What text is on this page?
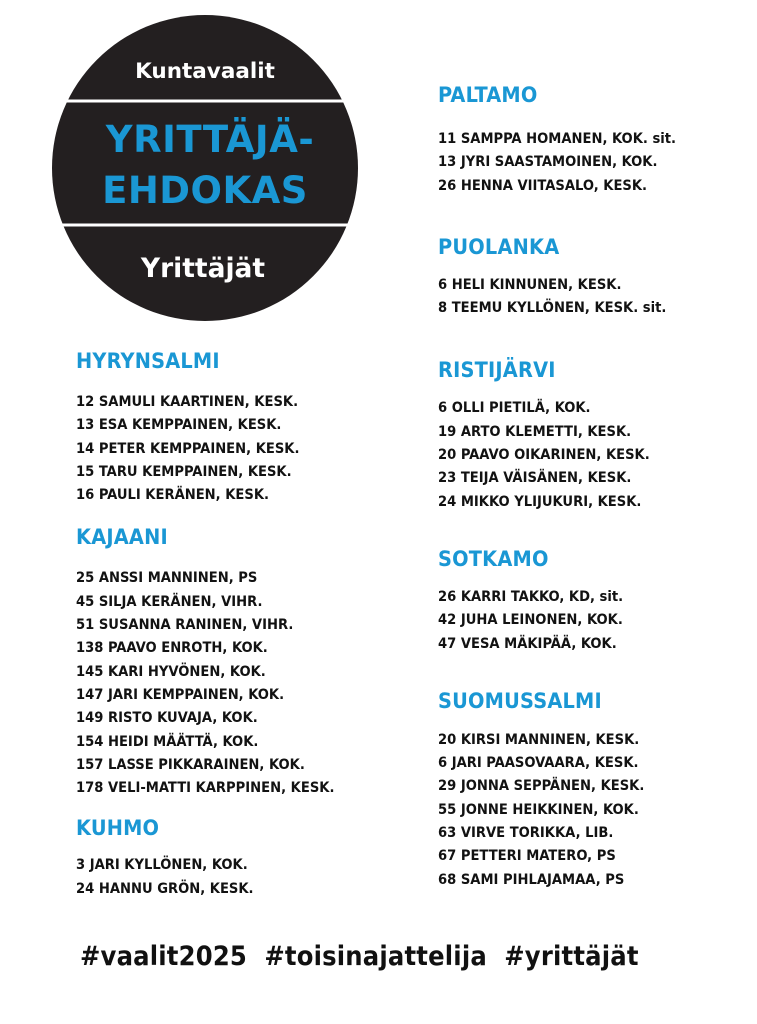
Kuntavaalit
YRITTÄJÄ-
EHDOKAS
Yrittäjät
HYRYNSALMI
12 SAMULI KAARTINEN, KESK.
13 ESA KEMPPAINEN, KESK.
14 PETER KEMPPAINEN, KESK.
15 TARU KEMPPAINEN, KESK.
16 PAULI KERÄNEN, KESK.
KAJAANI
25 ANSSI MANNINEN, PS
45 SILJA KERÄNEN, VIHR.
51 SUSANNA RANINEN, VIHR.
138 PAAVO ENROTH, KOK.
145 KARI HYVÖNEN, KOK.
147 JARI KEMPPAINEN, KOK.
149 RISTO KUVAJA, KOK.
154 HEIDI MÄÄTTÄ, KOK.
157 LASSE PIKKARAINEN, KOK.
178 VELI-MATTI KARPPINEN, KESK.
KUHMO
3 JARI KYLLÖNEN, KOK.
24 HANNU GRÖN, KESK.
PALTAMO
11 SAMPPA HOMANEN, KOK. sit.
13 JYRI SAASTAMOINEN, KOK.
26 HENNA VIITASALO, KESK.
PUOLANKA
6 HELI KINNUNEN, KESK.
8 TEEMU KYLLÖNEN, KESK. sit.
RISTIJÄRVI
6 OLLI PIETILÄ, KOK.
19 ARTO KLEMETTI, KESK.
20 PAAVO OIKARINEN, KESK.
23 TEIJA VÄISÄNEN, KESK.
24 MIKKO YLIJUKURI, KESK.
SOTKAMO
26 KARRI TAKKO, KD, sit.
42 JUHA LEINONEN, KOK.
47 VESA MÄKIPÄÄ, KOK.
SUOMUSSALMI
20 KIRSI MANNINEN, KESK.
6 JARI PAASOVAARA, KESK.
29 JONNA SEPPÄNEN, KESK.
55 JONNE HEIKKINEN, KOK.
63 VIRVE TORIKKA, LIB.
67 PETTERI MATERO, PS
68 SAMI PIHLAJAMAA, PS
#vaalit2025  #toisinajattelija  #yrittäjät
